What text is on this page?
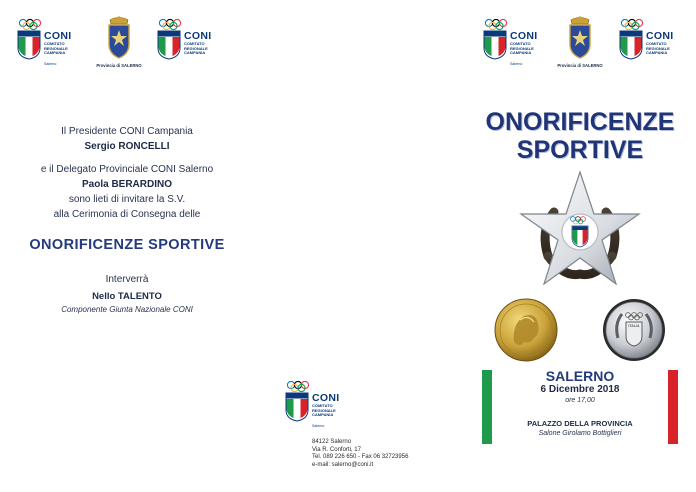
CONI
COMITATO
REGIONALE
CAMPANIA
Salerno	Provincia di SALERNO
CONI
COMITATO
REGIONALE
CAMPANIA
Il Presidente CONI Campania
Sergio RONCELLI
e il Delegato Provinciale CONI Salerno
Paola BERARDINO
sono lieti di invitare la S.V.
alla Cerimonia di Consegna delle
ONORIFICENZE SPORTIVE
Interverrà
Nello TALENTO
Componente Giunta Nazionale CONI
CONI
COMITATO
REGIONALE
CAMPANIA
Salerno
84122 Salerno
Via R. Conforti, 17
Tel. 089 226 650 - Fax 06 32723956
e-mail: salerno@coni.it
CONI
COMITATO
REGIONALE
CAMPANIA
Salerno	Provincia di SALERNO
CONI
COMITATO
REGIONALE
CAMPANIA
ONORIFICENZE
SPORTIVE
ITALIA
SALERNO
6 Dicembre 2018
ore 17,00
PALAZZO DELLA PROVINCIA
Salone Girolamo Bottiglieri
